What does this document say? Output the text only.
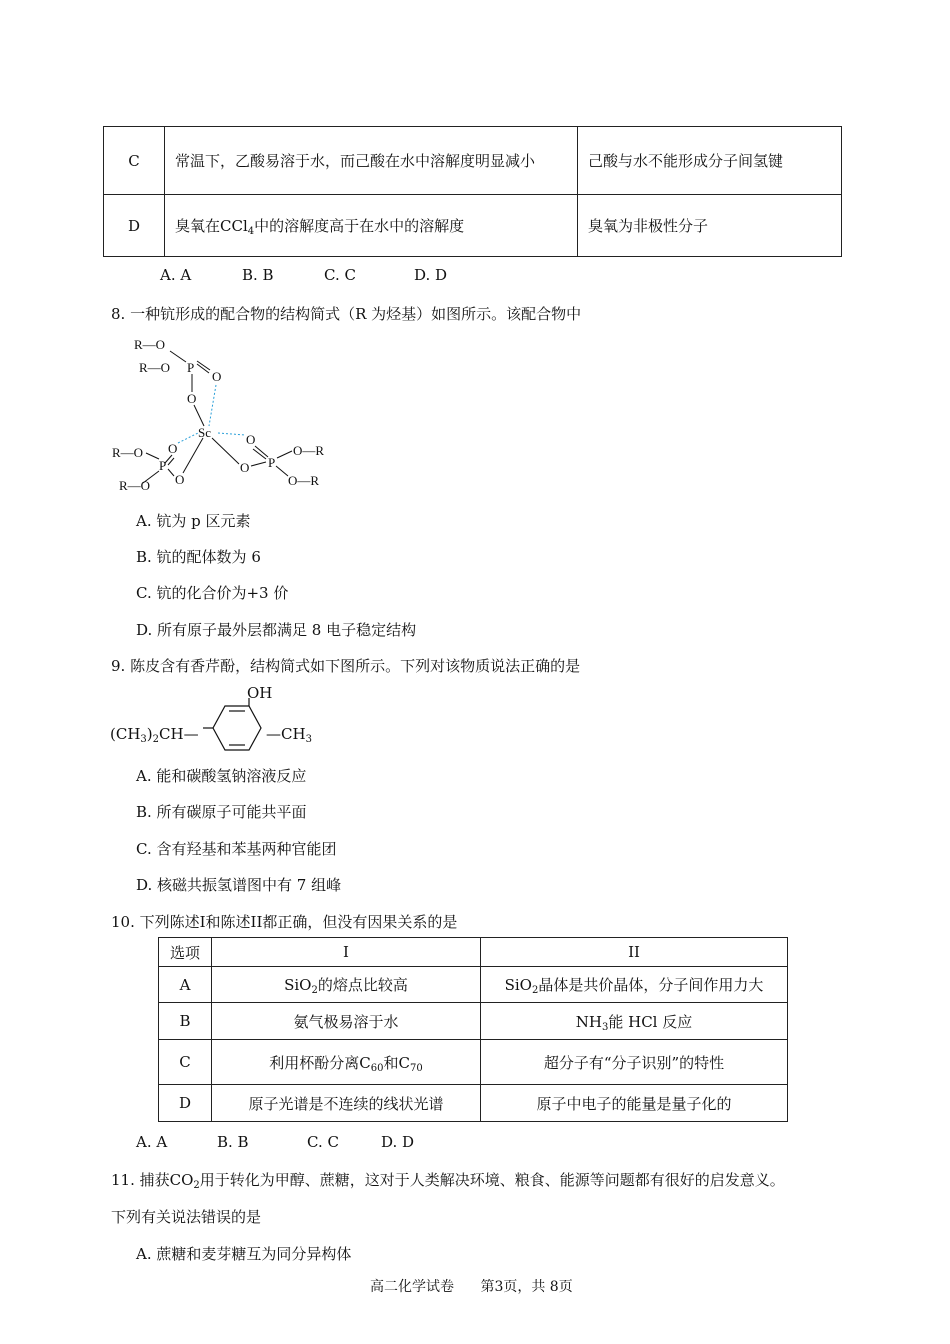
C	常温下，乙酸易溶于水，而己酸在水中溶解度明显减小	己酸与水不能形成分子间氢键
D	臭氧在CCl$_4$中的溶解度高于在水中的溶解度	臭氧为非极性分子
A. A	B. B	C. C	D. D
8. 一种钪形成的配合物的结构简式（R 为烃基）如图所示。该配合物中
R—O
R—O P
O
O
Sc
O
R—O
P
R—O O
O
P
O
O—R
O—R
A. 钪为 p 区元素
B. 钪的配体数为 6
C. 钪的化合价为+3 价
D. 所有原子最外层都满足 8 电子稳定结构
9. 陈皮含有香芹酚，结构简式如下图所示。下列对该物质说法正确的是
OH
$(CH_3)_2CH—$	$—CH_3$
A. 能和碳酸氢钠溶液反应
B. 所有碳原子可能共平面
C. 含有羟基和苯基两种官能团
D. 核磁共振氢谱图中有 7 组峰
10. 下列陈述I和陈述II都正确，但没有因果关系的是
选项	I	II
A	SiO$_2$的熔点比较高	SiO$_2$晶体是共价晶体，分子间作用力大
B	氨气极易溶于水	$NH_3$能 HCl 反应
C	利用杯酚分离$C_{60}$和$C_{70}$	超分子有“分子识别”的特性
D	原子光谱是不连续的线状光谱	原子中电子的能量是量子化的
A. A	B. B	C. C	D. D
11. 捕获$CO_2$用于转化为甲醇、蔗糖，这对于人类解决环境、粮食、能源等问题都有很好的启发意义。
下列有关说法错误的是
A. 蔗糖和麦芽糖互为同分异构体
高二化学试卷 第3页，共 8页
